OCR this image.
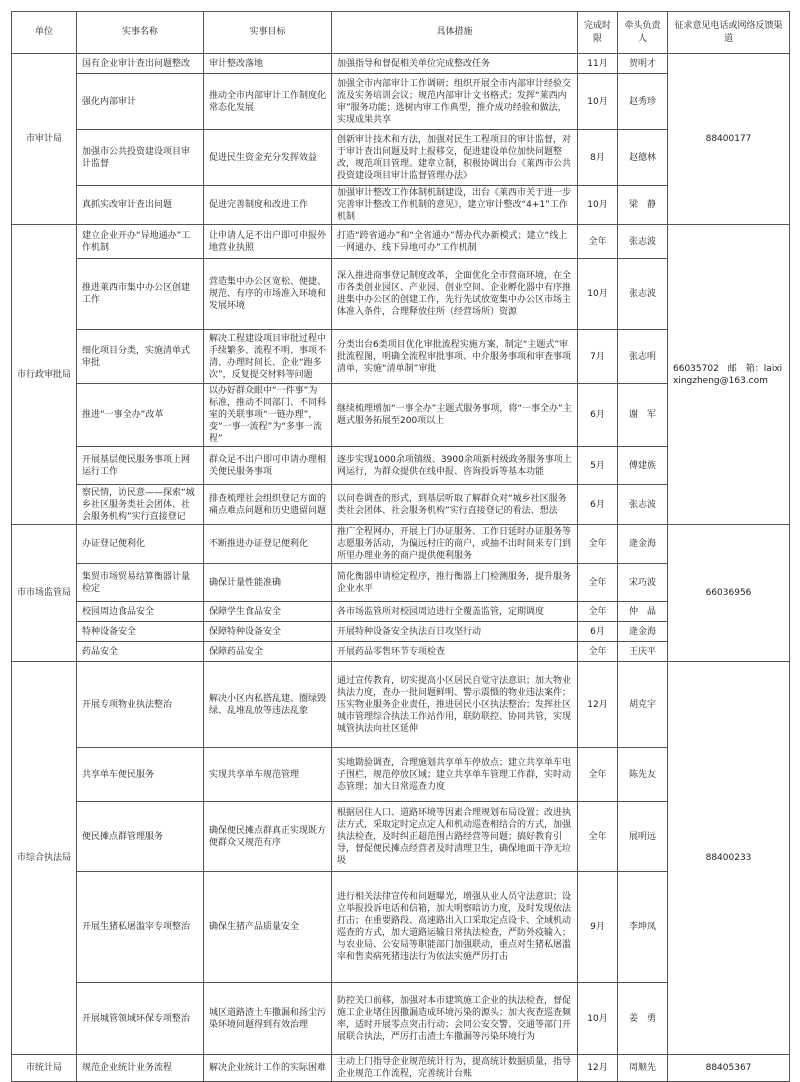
单位	实事名称	实事目标	具体措施	完成时限	牵头负责人	征求意见电话或网络反馈渠道
市审计局	国有企业审计查出问题整改	审计整改落地	加强指导和督促相关单位完成整改任务	11月	贺明才	88400177
	强化内部审计	推动全市内部审计工作制度化常态化发展	加强全市内部审计工作调研；组织开展全市内部审计经验交流及实务培训会议；规范内部审计文书格式；发挥“莱西内审”服务功能；选树内审工作典型，推介成功经验和做法，实现成果共享	10月	赵秀珍	
	加强市公共投资建设项目审计监督	促进民生资金充分发挥效益	创新审计技术和方法，加强对民生工程项目的审计监督，对于审计查出问题及时上报移交，促进建设单位加快问题整改，规范项目管理。建章立制，积极协调出台《莱西市公共投资建设项目审计监督管理办法》	8月	赵德林	
	真抓实改审计查出问题	促进完善制度和改进工作	加强审计整改工作体制机制建设，出台《莱西市关于进一步完善审计整改工作机制的意见》，建立审计整改“4+1”工作机制	10月	梁　静	
市行政审批局	建立企业开办“异地通办”工作机制	让申请人足不出户即可申报外地营业执照	打造“跨省通办”和“全省通办”帮办代办新模式；建立“线上一网通办、线下异地可办”工作机制	全年	张志波	66035702　邮　箱：laixixingzheng@163.com
	推进莱西市集中办公区创建工作	营造集中办公区宽松、便捷、规范、有序的市场准入环境和发展环境	深入推进商事登记制度改革，全面优化全市营商环境，在全市各类创业园区、产业园、创业空间、企业孵化器中有序推进集中办公区的创建工作，先行先试放宽集中办公区市场主体准入条件，合理释放住所（经营场所）资源	10月	张志波	
	细化项目分类，实施清单式审批	解决工程建设项目审批过程中手续繁多、流程不明、事项不清、办理时间长、企业“跑多次”，反复提交材料等问题	分类出台6类项目优化审批流程实施方案，制定“主题式”审批流程图，明确全流程审批事项、中介服务事项和审查事项清单，实施“清单制”审批	7月	张志明	
	推进“一事全办”改革	以办好群众眼中“一件事”为标准，推动不同部门、不同科室的关联事项“一链办理”，变“一事一流程”为“多事一流程”	继续梳理增加“一事全办”主题式服务事项，将“一事全办”主题式服务拓展至200项以上	6月	谢　军	
	开展基层便民服务事项上网运行工作	群众足不出户即可申请办理相关便民服务事项	逐步实现1000余项镇级、3900余项新村级政务服务事项上网运行，为群众提供在线申报、咨询投诉等基本功能	5月	傅建族	
	察民情，访民意——探索“城乡社区服务类社会团体、社会服务机构”实行直接登记	排查梳理社会组织登记方面的痛点难点问题和历史遗留问题	以问卷调查的形式，到基层听取了解群众对“城乡社区服务类社会团体、社会服务机构”实行直接登记的看法、想法	6月	张志波	
市市场监管局	办证登记便利化	不断推进办证登记便利化	推广全程网办，开展上门办证服务、工作日延时办证服务等志愿服务活动，为偏远村庄的商户，或抽不出时间来专门到所里办理业务的商户提供便利服务	全年	逄金海	66036956
	集贸市场贸易结算衡器计量检定	确保计量性能准确	简化衡器申请检定程序，推行衡器上门检测服务，提升服务企业水平	全年	宋巧波	
	校园周边食品安全	保障学生食品安全	各市场监管所对校园周边进行全覆盖监管，定期调度	全年	仲　晶	
	特种设备安全	保障特种设备安全	开展特种设备安全执法百日攻坚行动	6月	逄金海	
	药品安全	保障药品安全	开展药品零售环节专项检查	全年	王庆平	
市综合执法局	开展专项物业执法整治	解决小区内私搭乱建、圈绿毁绿、乱堆乱放等违法乱象	通过宣传教育，切实提高小区居民自觉守法意识；加大物业执法力度，查办一批问题鲜明、警示震慑的物业违法案件；压实物业服务企业责任，推进居民小区执法整治；发挥社区城市管理综合执法工作站作用，联防联控、协同共管，实现城管执法向社区延伸	12月	胡克宇	88400233
	共享单车便民服务	实现共享单车规范管理	实地勘验调查，合理施划共享单车停放点；建立共享单车电子围栏，规范停放区域；建立共享单车管理工作群，实时动态管理；加大日常巡查力度	全年	陈先友	
	便民摊点群管理服务	确保便民摊点群真正实现既方便群众又规范有序	根据居住人口、道路环境等因素合理规划布局设置；改进执法方式，采取定时定点定人和机动巡查相结合的方式，加强执法检查，及时纠正超范围占路经营等问题；搞好教育引导，督促便民摊点经营者及时清理卫生，确保地面干净无垃圾	全年	展明远	
	开展生猪私屠滥宰专项整治	确保生猪产品质量安全	进行相关法律宣传和问题曝光，增强从业人员守法意识；设立举报投诉电话和信箱，加大明察暗访力度，及时发现依法打击；在重要路段、高速路出入口采取定点设卡、全域机动巡查的方式，加大道路运输日常执法检查，严防外疫输入；与农业局、公安局等职能部门加强联动，重点对生猪私屠滥宰和售卖病死猪违法行为依法实施严厉打击	9月	李坤凤	
	开展城管领域环保专项整治	城区道路渣土车撒漏和扬尘污染环境问题得到有效治理	防控关口前移，加强对本市建筑施工企业的执法检查，督促施工企业堵住因撒漏造成环境污染的源头；加大夜查巡查频率，适时开展零点突击行动；会同公安交警、交通等部门开展联合执法，严厉打击渣土车撒漏等污染环境行为	10月	姜　勇	
市统计局	规范企业统计业务流程	解决企业统计工作的实际困难	主动上门指导企业规范统计行为，提高统计数据质量，指导企业规范工作流程，完善统计台账	12月	周顺先	88405367
